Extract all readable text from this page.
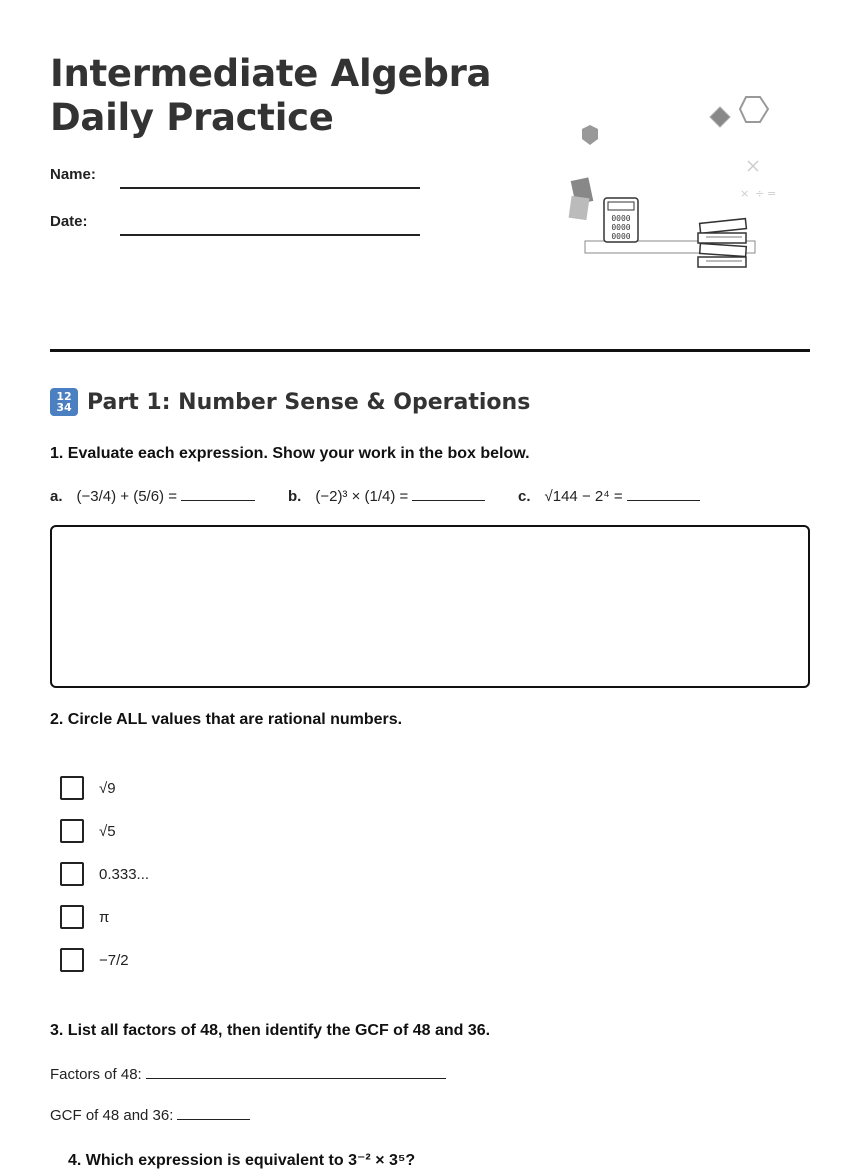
Intermediate Algebra
Daily Practice
Name:
Date:
× ÷ =
0000
0000
0000
12
34 Part 1: Number Sense & Operations
1. Evaluate each expression. Show your work in the box below.
a. (−3/4) + (5/6) =	b. (−2)³ × (1/4) =	c. √144 − 2⁴ =
2. Circle ALL values that are rational numbers.
√9
√5
0.333...
π
−7/2
3. List all factors of 48, then identify the GCF of 48 and 36.
Factors of 48:
GCF of 48 and 36:
4. Which expression is equivalent to 3⁻² × 3⁵?
